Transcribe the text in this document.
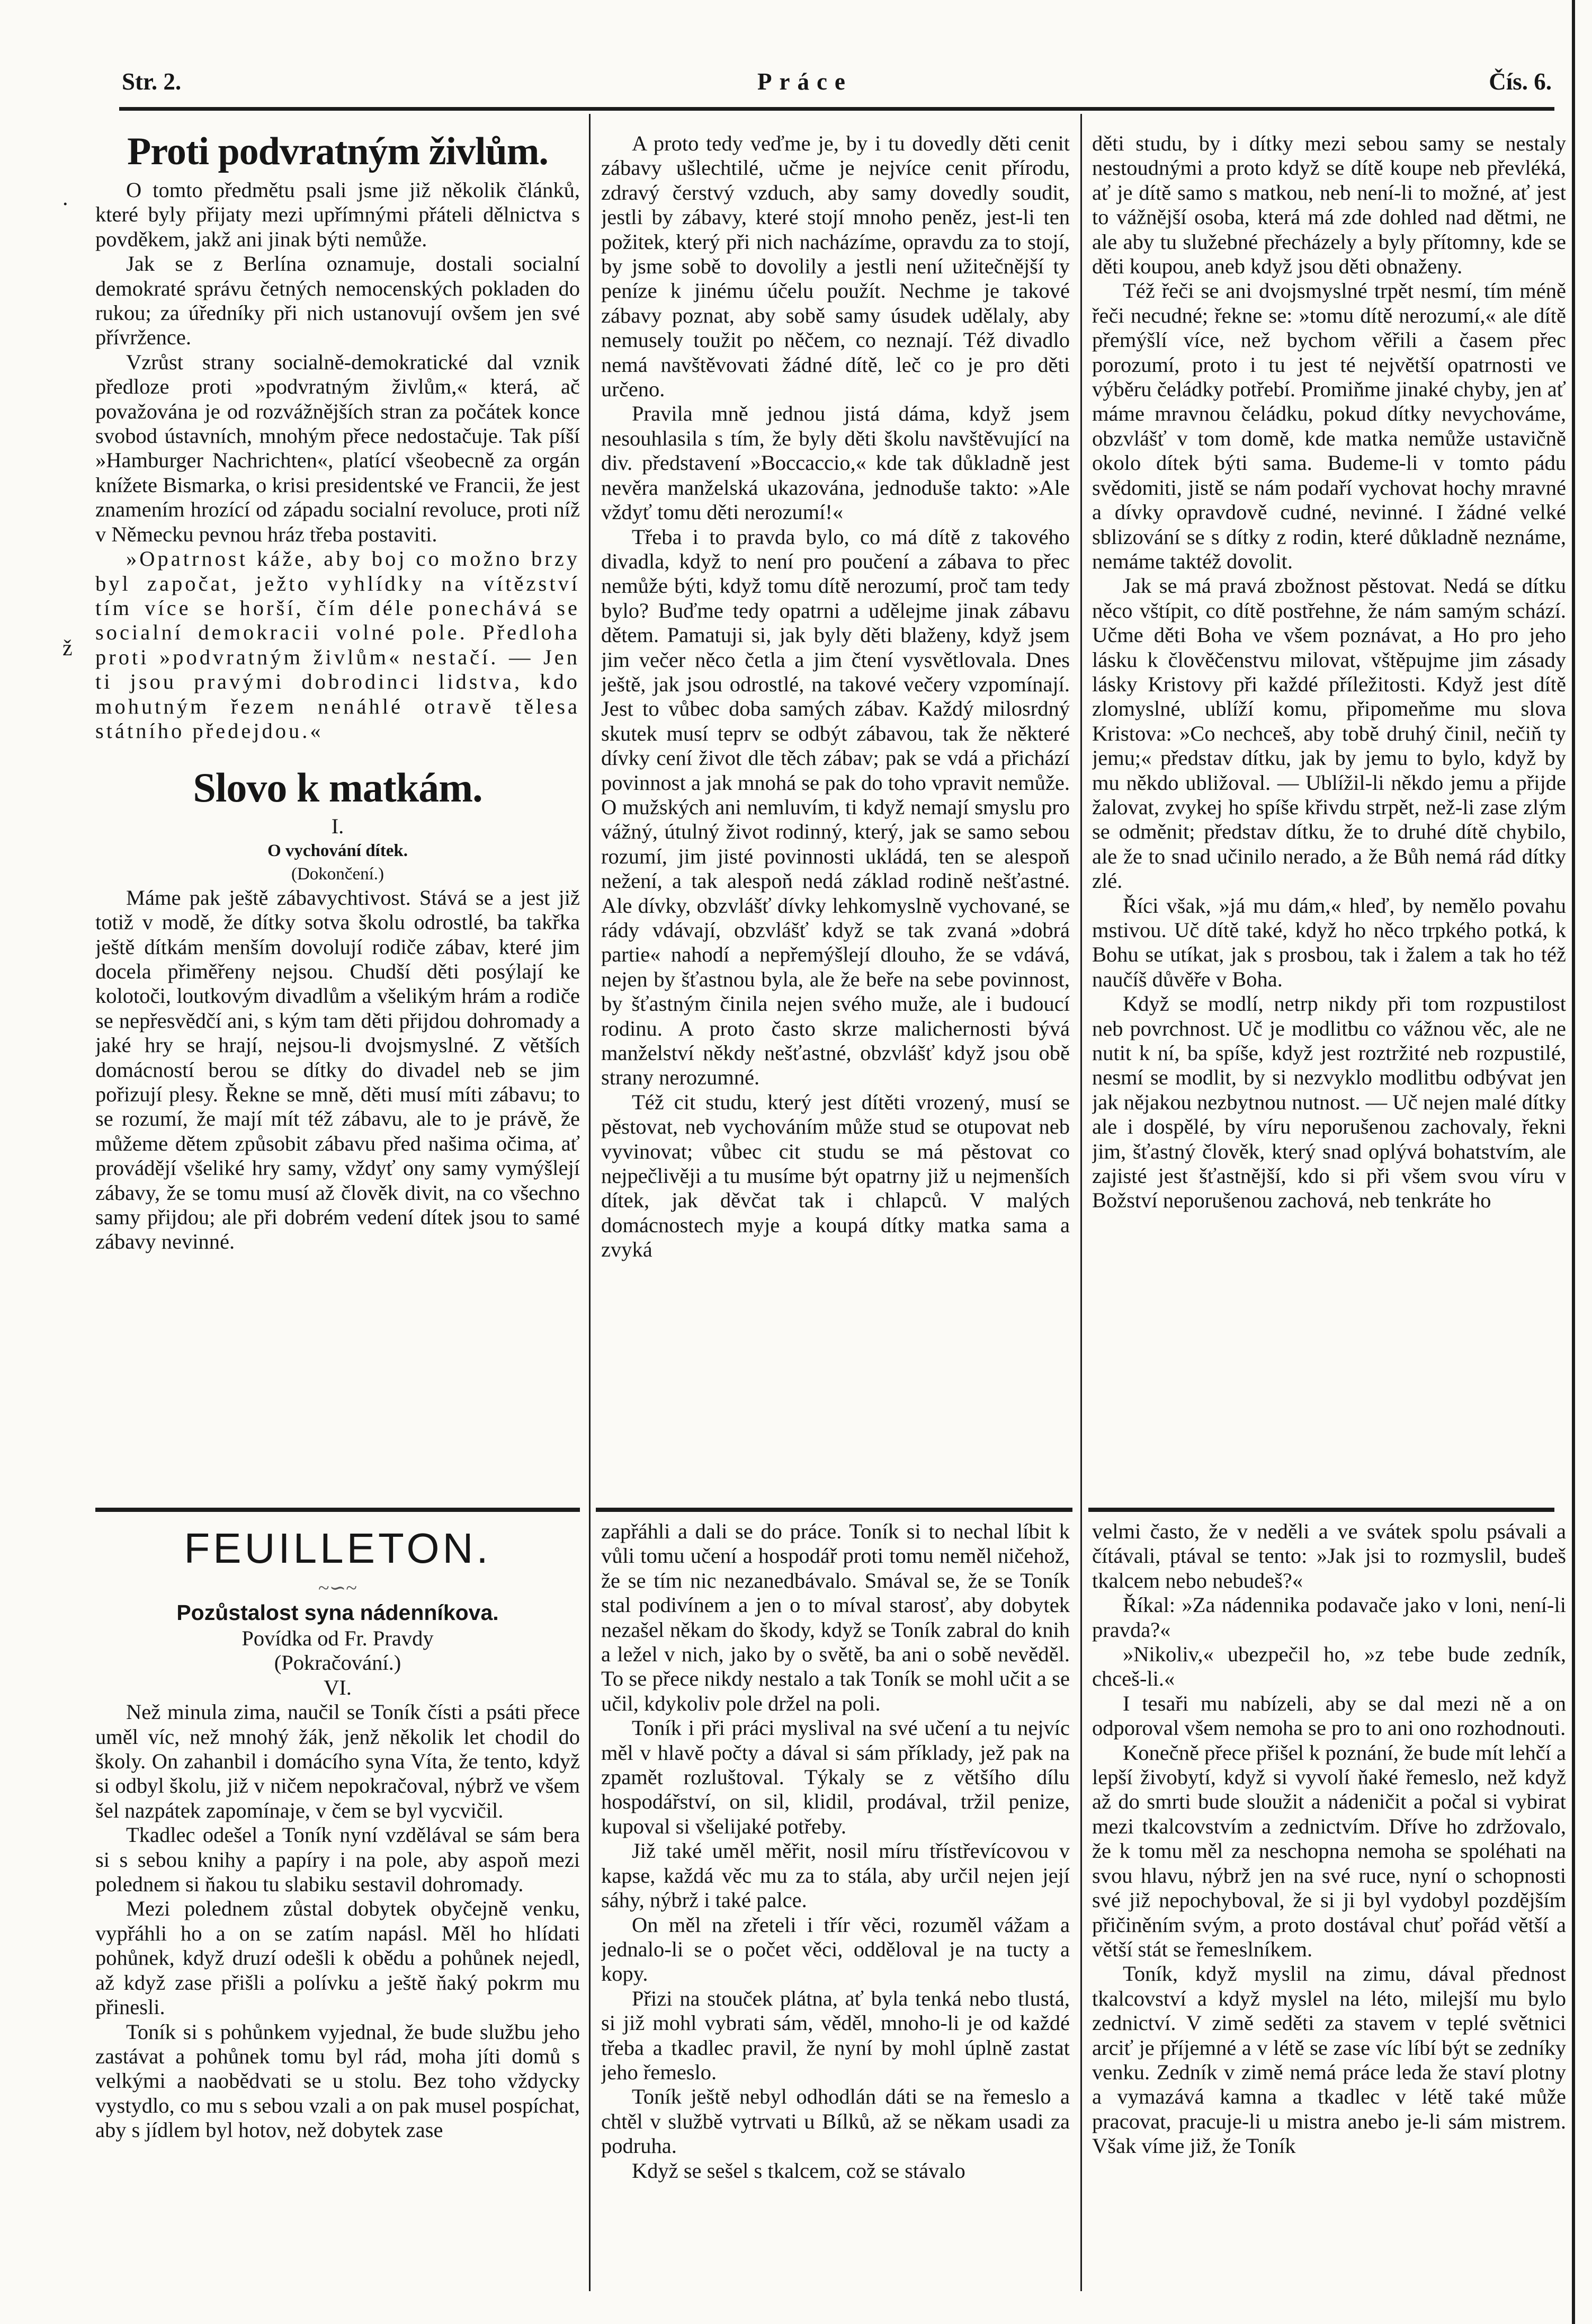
Str. 2.	Práce	Čís. 6.
.
ž
Proti podvratným živlům.

O tomto předmětu psali jsme již několik článků, které byly přijaty mezi upřímnými přáteli dělnictva s povděkem, jakž ani jinak býti nemůže.

Jak se z Berlína oznamuje, dostali socialní demokraté správu četných nemocenských pokladen do rukou; za úředníky při nich ustanovují ovšem jen své přívržence.

Vzrůst strany socialně-demokratické dal vznik předloze proti »podvratným živlům,« která, ač považována je od rozvážnějších stran za počátek konce svobod ústavních, mnohým přece nedostačuje. Tak píší »Hamburger Nachrichten«, platící všeobecně za orgán knížete Bismarka, o krisi presidentské ve Francii, že jest znamením hrozící od západu socialní revoluce, proti níž v Německu pevnou hráz třeba postaviti.

»Opatrnost káže, aby boj co možno brzy byl započat, ježto vyhlídky na vítězství tím více se horší, čím déle ponechává se socialní demokracii volné pole. Předloha proti »podvratným živlům« nestačí. — Jen ti jsou pravými dobrodinci lidstva, kdo mohutným řezem nenáhlé otravě tělesa státního předejdou.«

Slovo k matkám.

I.

O vychování dítek.

(Dokončení.)

Máme pak ještě zábavychtivost. Stává se a jest již totiž v modě, že dítky sotva školu odrostlé, ba takřka ještě dítkám menším dovolují rodiče zábav, které jim docela přiměřeny nejsou. Chudší děti posýlají ke kolotoči, loutkovým divadlům a všelikým hrám a rodiče se nepřesvědčí ani, s kým tam děti přijdou dohromady a jaké hry se hrají, nejsou-li dvojsmyslné. Z větších domácností berou se dítky do divadel neb se jim pořizují plesy. Řekne se mně, děti musí míti zábavu; to se rozumí, že mají mít též zábavu, ale to je právě, že můžeme dětem způsobit zábavu před našima očima, ať provádějí všeliké hry samy, vždyť ony samy vymýšlejí zábavy, že se tomu musí až člověk divit, na co všechno samy přijdou; ale při dobrém vedení dítek jsou to samé zábavy nevinné.

FEUILLETON.
~∽~

Pozůstalost syna nádenníkova.

Povídka od Fr. Pravdy

(Pokračování.)

VI.

Než minula zima, naučil se Toník čísti a psáti přece uměl víc, než mnohý žák, jenž několik let chodil do školy. On zahanbil i domácího syna Víta, že tento, když si odbyl školu, již v ničem nepokračoval, nýbrž ve všem šel nazpátek zapomínaje, v čem se byl vycvičil.

Tkadlec odešel a Toník nyní vzdělával se sám bera si s sebou knihy a papíry i na pole, aby aspoň mezi polednem si ňakou tu slabiku sestavil dohromady.

Mezi polednem zůstal dobytek obyčejně venku, vypřáhli ho a on se zatím napásl. Měl ho hlídati pohůnek, když druzí odešli k obědu a pohůnek nejedl, až když zase přišli a polívku a ještě ňaký pokrm mu přinesli.

Toník si s pohůnkem vyjednal, že bude službu jeho zastávat a pohůnek tomu byl rád, moha jíti domů s velkými a naobědvati se u stolu. Bez toho vždycky vystydlo, co mu s sebou vzali a on pak musel pospíchat, aby s jídlem byl hotov, než dobytek zase

A proto tedy veďme je, by i tu dovedly děti cenit zábavy ušlechtilé, učme je nejvíce cenit přírodu, zdravý čerstvý vzduch, aby samy dovedly soudit, jestli by zábavy, které stojí mnoho peněz, jest-li ten požitek, který při nich nacházíme, opravdu za to stojí, by jsme sobě to dovolily a jestli není užitečnější ty peníze k jinému účelu použít. Nechme je takové zábavy poznat, aby sobě samy úsudek udělaly, aby nemusely toužit po něčem, co neznají. Též divadlo nemá navštěvovati žádné dítě, leč co je pro děti určeno.

Pravila mně jednou jistá dáma, když jsem nesouhlasila s tím, že byly děti školu navštěvující na div. představení »Boccaccio,« kde tak důkladně jest nevěra manželská ukazována, jednoduše takto: »Ale vždyť tomu děti nerozumí!«

Třeba i to pravda bylo, co má dítě z takového divadla, když to není pro poučení a zábava to přec nemůže býti, když tomu dítě nerozumí, proč tam tedy bylo? Buďme tedy opatrni a udělejme jinak zábavu dětem. Pamatuji si, jak byly děti blaženy, když jsem jim večer něco četla a jim čtení vysvětlovala. Dnes ještě, jak jsou odrostlé, na takové večery vzpomínají. Jest to vůbec doba samých zábav. Každý milosrdný skutek musí teprv se odbýt zábavou, tak že některé dívky cení život dle těch zábav; pak se vdá a přichází povinnost a jak mnohá se pak do toho vpravit nemůže. O mužských ani nemluvím, ti když nemají smyslu pro vážný, útulný život rodinný, který, jak se samo sebou rozumí, jim jisté povinnosti ukládá, ten se alespoň nežení, a tak alespoň nedá základ rodině nešťastné. Ale dívky, obzvlášť dívky lehkomyslně vychované, se rády vdávají, obzvlášť když se tak zvaná »dobrá partie« nahodí a nepřemýšlejí dlouho, že se vdává, nejen by šťastnou byla, ale že beře na sebe povinnost, by šťastným činila nejen svého muže, ale i budoucí rodinu. A proto často skrze malichernosti bývá manželství někdy nešťastné, obzvlášť když jsou obě strany nerozumné.

Též cit studu, který jest dítěti vrozený, musí se pěstovat, neb vychováním může stud se otupovat neb vyvinovat; vůbec cit studu se má pěstovat co nejpečlivěji a tu musíme být opatrny již u nejmenších dítek, jak děvčat tak i chlapců. V malých domácnostech myje a koupá dítky matka sama a zvyká

zapřáhli a dali se do práce. Toník si to nechal líbit k vůli tomu učení a hospodář proti tomu neměl ničehož, že se tím nic nezanedbávalo. Smával se, že se Toník stal podivínem a jen o to míval starosť, aby dobytek nezašel někam do škody, když se Toník zabral do knih a ležel v nich, jako by o světě, ba ani o sobě nevěděl. To se přece nikdy nestalo a tak Toník se mohl učit a se učil, kdykoliv pole držel na poli.

Toník i při práci myslival na své učení a tu nejvíc měl v hlavě počty a dával si sám příklady, jež pak na zpamět rozluštoval. Týkaly se z většího dílu hospodářství, on sil, klidil, prodával, tržil penize, kupoval si všelijaké potřeby.

Již také uměl měřit, nosil míru třístřevícovou v kapse, každá věc mu za to stála, aby určil nejen její sáhy, nýbrž i také palce.

On měl na zřeteli i třír věci, rozuměl vážam a jednalo-li se o počet věci, odděloval je na tucty a kopy.

Přizi na stouček plátna, ať byla tenká nebo tlustá, si již mohl vybrati sám, věděl, mnoho-li je od každé třeba a tkadlec pravil, že nyní by mohl úplně zastat jeho řemeslo.

Toník ještě nebyl odhodlán dáti se na řemeslo a chtěl v službě vytrvati u Bílků, až se někam usadi za podruha.

Když se sešel s tkalcem, což se stávalo

děti studu, by i dítky mezi sebou samy se nestaly nestoudnými a proto když se dítě koupe neb převléká, ať je dítě samo s matkou, neb není-li to možné, ať jest to vážnější osoba, která má zde dohled nad dětmi, ne ale aby tu služebné přecházely a byly přítomny, kde se děti koupou, aneb když jsou děti obnaženy.

Též řeči se ani dvojsmyslné trpět nesmí, tím méně řeči necudné; řekne se: »tomu dítě nerozumí,« ale dítě přemýšlí více, než bychom věřili a časem přec porozumí, proto i tu jest té největší opatrnosti ve výběru čeládky potřebí. Promiňme jinaké chyby, jen ať máme mravnou čeládku, pokud dítky nevychováme, obzvlášť v tom domě, kde matka nemůže ustavičně okolo dítek býti sama. Budeme-li v tomto pádu svědomiti, jistě se nám podaří vychovat hochy mravné a dívky opravdově cudné, nevinné. I žádné velké sblizování se s dítky z rodin, které důkladně neznáme, nemáme taktéž dovolit.

Jak se má pravá zbožnost pěstovat. Nedá se dítku něco vštípit, co dítě postřehne, že nám samým schází. Učme děti Boha ve všem poznávat, a Ho pro jeho lásku k člověčenstvu milovat, vštěpujme jim zásady lásky Kristovy při každé příležitosti. Když jest dítě zlomyslné, ublíží komu, připomeňme mu slova Kristova: »Co nechceš, aby tobě druhý činil, nečiň ty jemu;« představ dítku, jak by jemu to bylo, když by mu někdo ubližoval. — Ublížil-li někdo jemu a přijde žalovat, zvykej ho spíše křivdu strpět, než-li zase zlým se odměnit; představ dítku, že to druhé dítě chybilo, ale že to snad učinilo nerado, a že Bůh nemá rád dítky zlé.

Říci však, »já mu dám,« hleď, by nemělo povahu mstivou. Uč dítě také, když ho něco trpkého potká, k Bohu se utíkat, jak s prosbou, tak i žalem a tak ho též naučíš důvěře v Boha.

Když se modlí, netrp nikdy při tom rozpustilost neb povrchnost. Uč je modlitbu co vážnou věc, ale ne nutit k ní, ba spíše, když jest roztržité neb rozpustilé, nesmí se modlit, by si nezvyklo modlitbu odbývat jen jak nějakou nezbytnou nutnost. — Uč nejen malé dítky ale i dospělé, by víru neporušenou zachovaly, řekni jim, šťastný člověk, který snad oplývá bohatstvím, ale zajisté jest šťastnější, kdo si při všem svou víru v Božství neporušenou zachová, neb tenkráte ho

velmi často, že v neděli a ve svátek spolu psávali a čítávali, ptával se tento: »Jak jsi to rozmyslil, budeš tkalcem nebo nebudeš?«

Říkal: »Za nádennika podavače jako v loni, není-li pravda?«

»Nikoliv,« ubezpečil ho, »z tebe bude zedník, chceš-li.«

I tesaři mu nabízeli, aby se dal mezi ně a on odporoval všem nemoha se pro to ani ono rozhodnouti.

Konečně přece přišel k poznání, že bude mít lehčí a lepší živobytí, když si vyvolí ňaké řemeslo, než když až do smrti bude sloužit a nádeničit a počal si vybirat mezi tkalcovstvím a zednictvím. Dříve ho zdržovalo, že k tomu měl za neschopna nemoha se spoléhati na svou hlavu, nýbrž jen na své ruce, nyní o schopnosti své již nepochyboval, že si ji byl vydobyl pozdějším přičiněním svým, a proto dostával chuť pořád větší a větší stát se řemeslníkem.

Toník, když myslil na zimu, dával přednost tkalcovství a když myslel na léto, milejší mu bylo zednictví. V zimě seděti za stavem v teplé světnici arciť je příjemné a v létě se zase víc líbí být se zedníky venku. Zedník v zimě nemá práce leda že staví plotny a vymazává kamna a tkadlec v létě také může pracovat, pracuje-li u mistra anebo je-li sám mistrem. Však víme již, že Toník
